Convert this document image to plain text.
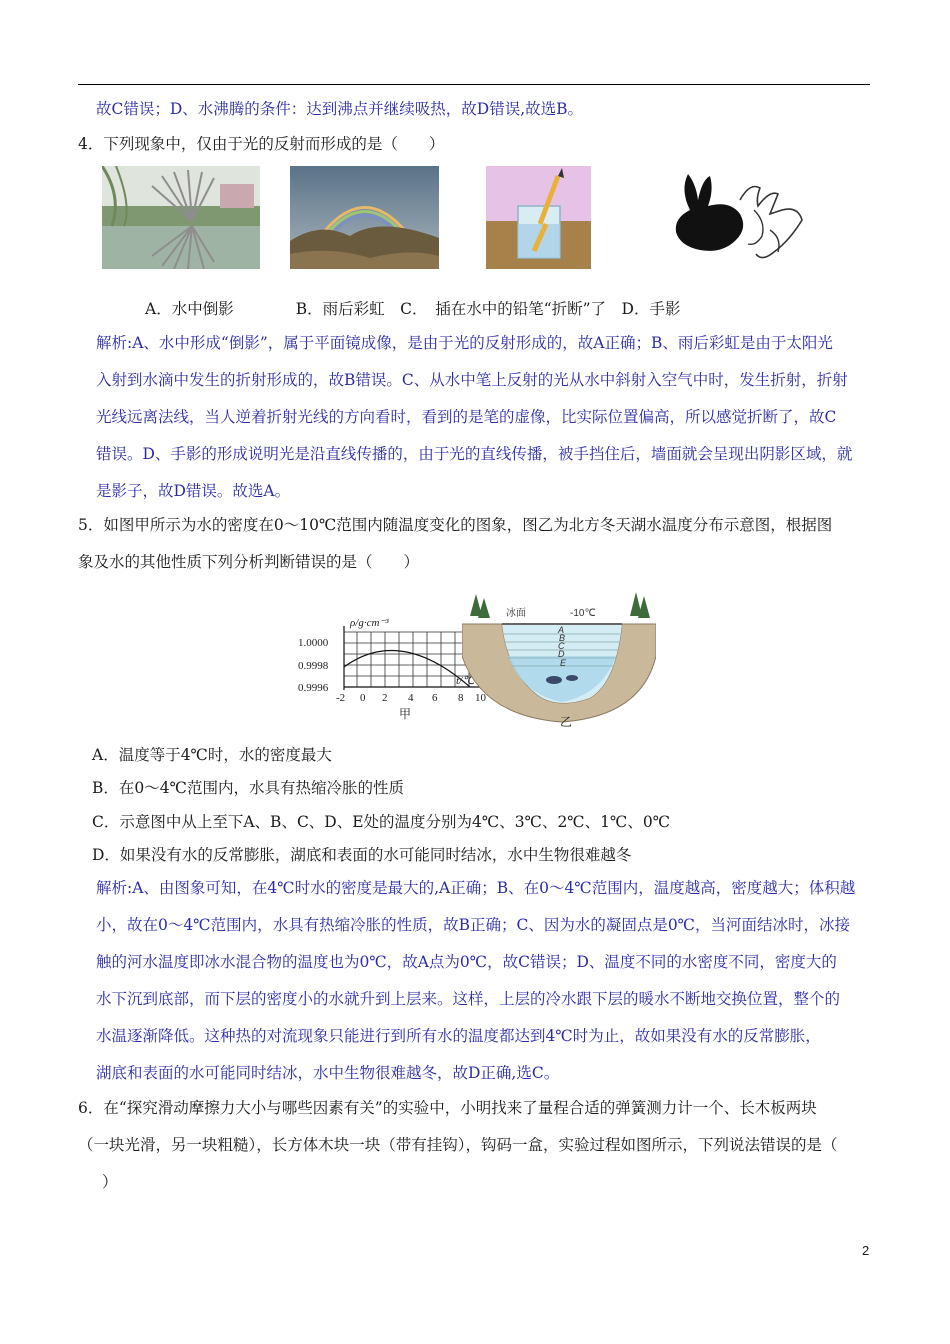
故C错误；D、水沸腾的条件：达到沸点并继续吸热，故D错误,故选B。
4．下列现象中，仅由于光的反射而形成的是（　　）
A．水中倒影　　　　B．雨后彩虹　C．　插在水中的铅笔“折断”了　D．手影
解析:A、水中形成“倒影”，属于平面镜成像，是由于光的反射形成的，故A正确；B、雨后彩虹是由于太阳光
入射到水滴中发生的折射形成的，故B错误。C、从水中笔上反射的光从水中斜射入空气中时，发生折射，折射
光线远离法线，当人逆着折射光线的方向看时，看到的是笔的虚像，比实际位置偏高，所以感觉折断了，故C
错误。D、手影的形成说明光是沿直线传播的，由于光的直线传播，被手挡住后，墙面就会呈现出阴影区域，就
是影子，故D错误。故选A。
5．如图甲所示为水的密度在0～10℃范围内随温度变化的图象，图乙为北方冬天湖水温度分布示意图，根据图
象及水的其他性质下列分析判断错误的是（　　）
ρ/g·cm⁻³
1.0000
0.9998
0.9996
-2 0 2 4 6 8 10
t/℃
甲
冰面	-10℃
A
B
C
D
E
乙
A．温度等于4℃时，水的密度最大
B．在0～4℃范围内，水具有热缩冷胀的性质
C．示意图中从上至下A、B、C、D、E处的温度分别为4℃、3℃、2℃、1℃、0℃
D．如果没有水的反常膨胀，湖底和表面的水可能同时结冰，水中生物很难越冬
解析:A、由图象可知，在4℃时水的密度是最大的,A正确；B、在0～4℃范围内，温度越高，密度越大；体积越
小，故在0～4℃范围内，水具有热缩冷胀的性质，故B正确；C、因为水的凝固点是0℃，当河面结冰时，冰接
触的河水温度即冰水混合物的温度也为0℃，故A点为0℃，故C错误；D、温度不同的水密度不同，密度大的
水下沉到底部，而下层的密度小的水就升到上层来。这样，上层的冷水跟下层的暖水不断地交换位置，整个的
水温逐渐降低。这种热的对流现象只能进行到所有水的温度都达到4℃时为止，故如果没有水的反常膨胀，
湖底和表面的水可能同时结冰，水中生物很难越冬，故D正确,选C。
6．在“探究滑动摩擦力大小与哪些因素有关”的实验中，小明找来了量程合适的弹簧测力计一个、长木板两块
（一块光滑，另一块粗糙），长方体木块一块（带有挂钩），钩码一盒，实验过程如图所示，下列说法错误的是（
）
2
